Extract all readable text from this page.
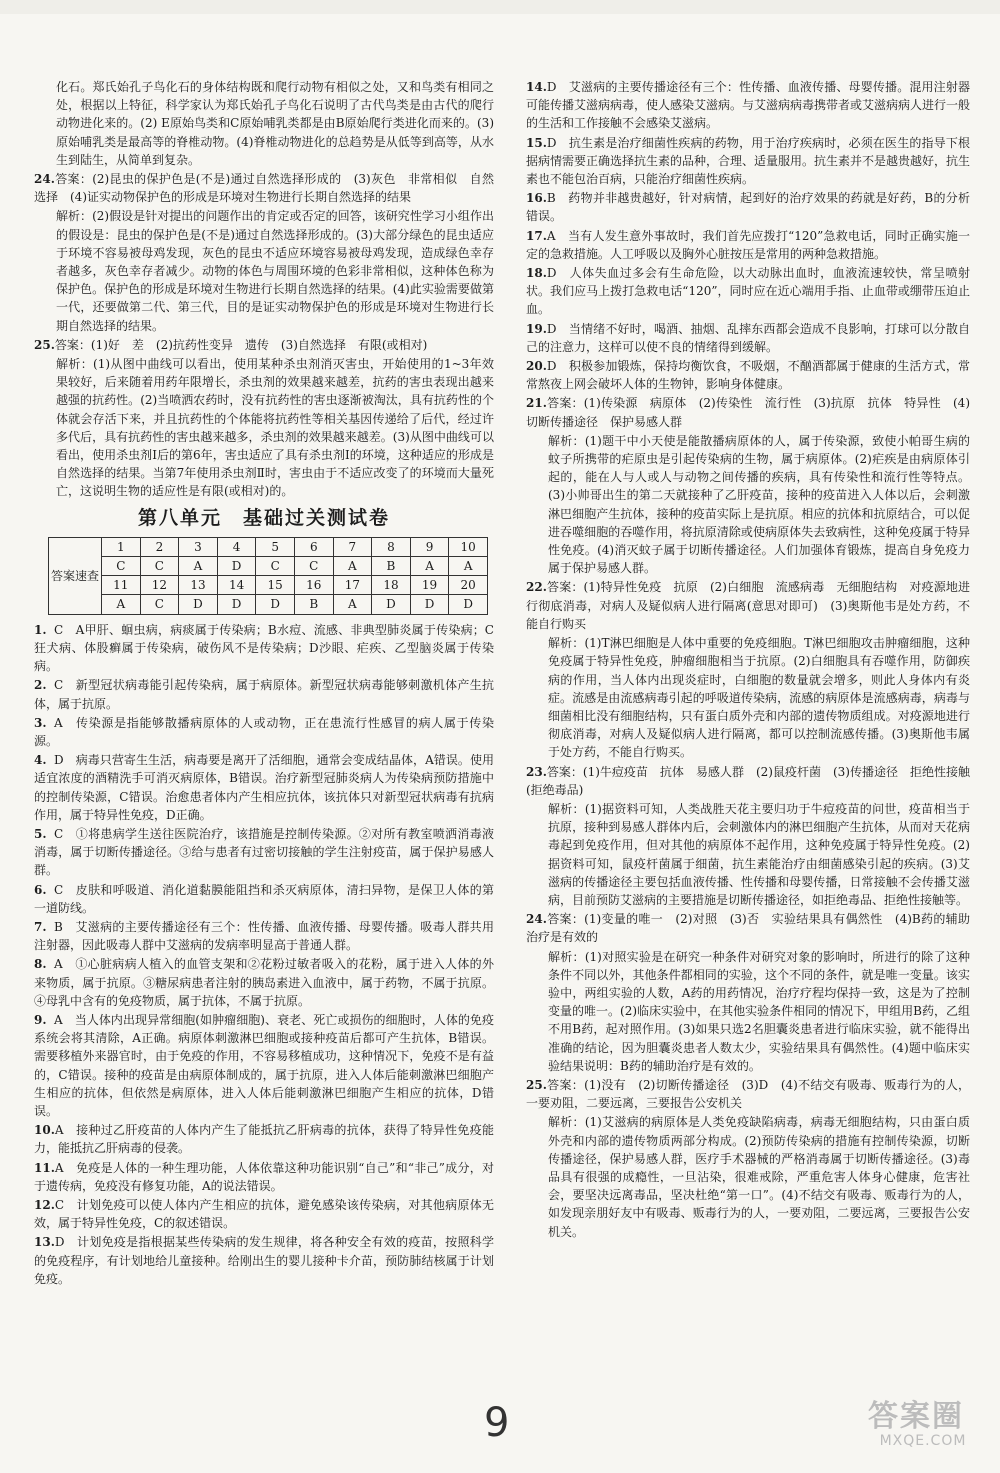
化石。郑氏始孔子鸟化石的身体结构既和爬行动物有相似之处，又和鸟类有相同之处，根据以上特征，科学家认为郑氏始孔子鸟化石说明了古代鸟类是由古代的爬行动物进化来的。(2) E原始鸟类和C原始哺乳类都是由B原始爬行类进化而来的。(3)原始哺乳类是最高等的脊椎动物。(4)脊椎动物进化的总趋势是从低等到高等，从水生到陆生，从简单到复杂。
24.答案：(2)昆虫的保护色是(不是)通过自然选择形成的　(3)灰色　非常相似　自然选择　(4)证实动物保护色的形成是环境对生物进行长期自然选择的结果
解析：(2)假设是针对提出的问题作出的肯定或否定的回答，该研究性学习小组作出的假设是：昆虫的保护色是(不是)通过自然选择形成的。(3)大部分绿色的昆虫适应于环境不容易被母鸡发现，灰色的昆虫不适应环境容易被母鸡发现，造成绿色幸存者越多，灰色幸存者减少。动物的体色与周围环境的色彩非常相似，这种体色称为保护色。保护色的形成是环境对生物进行长期自然选择的结果。(4)此实验需要做第一代，还要做第二代、第三代，目的是证实动物保护色的形成是环境对生物进行长期自然选择的结果。
25.答案：(1)好　差　(2)抗药性变异　遗传　(3)自然选择　有限(或相对)
解析：(1)从图中曲线可以看出，使用某种杀虫剂消灭害虫，开始使用的1~3年效果较好，后来随着用药年限增长，杀虫剂的效果越来越差，抗药的害虫表现出越来越强的抗药性。(2)当喷洒农药时，没有抗药性的害虫逐渐被淘汰，具有抗药性的个体就会存活下来，并且抗药性的个体能将抗药性等相关基因传递给了后代，经过许多代后，具有抗药性的害虫越来越多，杀虫剂的效果越来越差。(3)从图中曲线可以看出，使用杀虫剂Ⅰ后的第6年，害虫适应了具有杀虫剂Ⅰ的环境，这种适应的形成是自然选择的结果。当第7年使用杀虫剂Ⅱ时，害虫由于不适应改变了的环境而大量死亡，这说明生物的适应性是有限(或相对)的。
第八单元　基础过关测试卷
答案速查	1	2	3	4	5	6	7	8	9	10
	C	C	A	D	C	C	A	B	A	A
	11	12	13	14	15	16	17	18	19	20
	A	C	D	D	D	B	A	D	D	D
1. C　A甲肝、蛔虫病，病痰属于传染病；B水痘、流感、非典型肺炎属于传染病；C狂犬病、体股癣属于传染病，破伤风不是传染病；D沙眼、疟疾、乙型脑炎属于传染病。
2. C　新型冠状病毒能引起传染病，属于病原体。新型冠状病毒能够刺激机体产生抗体，属于抗原。
3. A　传染源是指能够散播病原体的人或动物，正在患流行性感冒的病人属于传染源。
4. D　病毒只营寄生生活，病毒要是离开了活细胞，通常会变成结晶体，A错误。使用适宜浓度的酒精洗手可消灭病原体，B错误。治疗新型冠肺炎病人为传染病预防措施中的控制传染源，C错误。治愈患者体内产生相应抗体，该抗体只对新型冠状病毒有抗病作用，属于特异性免疫，D正确。
5. C　①将患病学生送往医院治疗，该措施是控制传染源。②对所有教室喷洒消毒液消毒，属于切断传播途径。③给与患者有过密切接触的学生注射疫苗，属于保护易感人群。
6. C　皮肤和呼吸道、消化道黏膜能阻挡和杀灭病原体，清扫异物，是保卫人体的第一道防线。
7. B　艾滋病的主要传播途径有三个：性传播、血液传播、母婴传播。吸毒人群共用注射器，因此吸毒人群中艾滋病的发病率明显高于普通人群。
8. A　①心脏病病人植入的血管支架和②花粉过敏者吸入的花粉，属于进入人体的外来物质，属于抗原。③糖尿病患者注射的胰岛素进入血液中，属于药物，不属于抗原。④母乳中含有的免疫物质，属于抗体，不属于抗原。
9. A　当人体内出现异常细胞(如肿瘤细胞)、衰老、死亡或损伤的细胞时，人体的免疫系统会将其清除，A正确。病原体刺激淋巴细胞或接种疫苗后都可产生抗体，B错误。需要移植外来器官时，由于免疫的作用，不容易移植成功，这种情况下，免疫不是有益的，C错误。接种的疫苗是由病原体制成的，属于抗原，进入人体后能刺激淋巴细胞产生相应的抗体，但依然是病原体，进入人体后能刺激淋巴细胞产生相应的抗体，D错误。
10.A　接种过乙肝疫苗的人体内产生了能抵抗乙肝病毒的抗体，获得了特异性免疫能力，能抵抗乙肝病毒的侵袭。
11.A　免疫是人体的一种生理功能，人体依靠这种功能识别“自己”和“非己”成分，对于遗传病，免疫没有修复功能，A的说法错误。
12.C　计划免疫可以使人体内产生相应的抗体，避免感染该传染病，对其他病原体无效，属于特异性免疫，C的叙述错误。
13.D　计划免疫是指根据某些传染病的发生规律，将各种安全有效的疫苗，按照科学的免疫程序，有计划地给儿童接种。给刚出生的婴儿接种卡介苗，预防肺结核属于计划免疫。
14.D　艾滋病的主要传播途径有三个：性传播、血液传播、母婴传播。混用注射器可能传播艾滋病病毒，使人感染艾滋病。与艾滋病病毒携带者或艾滋病病人进行一般的生活和工作接触不会感染艾滋病。
15.D　抗生素是治疗细菌性疾病的药物，用于治疗疾病时，必须在医生的指导下根据病情需要正确选择抗生素的品种，合理、适量服用。抗生素并不是越贵越好，抗生素也不能包治百病，只能治疗细菌性疾病。
16.B　药物并非越贵越好，针对病情，起到好的治疗效果的药就是好药，B的分析错误。
17.A　当有人发生意外事故时，我们首先应拨打“120”急救电话，同时正确实施一定的急救措施。人工呼吸以及胸外心脏按压是常用的两种急救措施。
18.D　人体失血过多会有生命危险，以大动脉出血时，血液流速较快，常呈喷射状。我们应马上拨打急救电话“120”，同时应在近心端用手指、止血带或绷带压迫止血。
19.D　当情绪不好时，喝酒、抽烟、乱摔东西都会造成不良影响，打球可以分散自己的注意力，这样可以使不良的情绪得到缓解。
20.D　积极参加锻炼，保持均衡饮食，不吸烟，不酗酒都属于健康的生活方式，常常熬夜上网会破坏人体的生物钟，影响身体健康。
21.答案：(1)传染源　病原体　(2)传染性　流行性　(3)抗原　抗体　特异性　(4)切断传播途径　保护易感人群
解析：(1)题干中小天使是能散播病原体的人，属于传染源，致使小帕哥生病的蚊子所携带的疟原虫是引起传染病的生物，属于病原体。(2)疟疾是由病原体引起的，能在人与人或人与动物之间传播的疾病，具有传染性和流行性等特点。(3)小帅哥出生的第二天就接种了乙肝疫苗，接种的疫苗进入人体以后，会刺激淋巴细胞产生抗体，接种的疫苗实际上是抗原。相应的抗体和抗原结合，可以促进吞噬细胞的吞噬作用，将抗原清除或使病原体失去致病性，这种免疫属于特异性免疫。(4)消灭蚊子属于切断传播途径。人们加强体育锻炼，提高自身免疫力属于保护易感人群。
22.答案：(1)特异性免疫　抗原　(2)白细胞　流感病毒　无细胞结构　对疫源地进行彻底消毒，对病人及疑似病人进行隔离(意思对即可)　(3)奥斯他韦是处方药，不能自行购买
解析：(1)T淋巴细胞是人体中重要的免疫细胞。T淋巴细胞攻击肿瘤细胞，这种免疫属于特异性免疫，肿瘤细胞相当于抗原。(2)白细胞具有吞噬作用，防御疾病的作用，当人体内出现炎症时，白细胞的数量就会增多，则此人身体内有炎症。流感是由流感病毒引起的呼吸道传染病，流感的病原体是流感病毒，病毒与细菌相比没有细胞结构，只有蛋白质外壳和内部的遗传物质组成。对疫源地进行彻底消毒，对病人及疑似病人进行隔离，都可以控制流感传播。(3)奥斯他韦属于处方药，不能自行购买。
23.答案：(1)牛痘疫苗　抗体　易感人群　(2)鼠疫杆菌　(3)传播途径　拒绝性接触(拒绝毒品)
解析：(1)据资料可知，人类战胜天花主要归功于牛痘疫苗的问世，疫苗相当于抗原，接种到易感人群体内后，会刺激体内的淋巴细胞产生抗体，从而对天花病毒起到免疫作用，但对其他的病原体不起作用，这种免疫属于特异性免疫。(2)据资料可知，鼠疫杆菌属于细菌，抗生素能治疗由细菌感染引起的疾病。(3)艾滋病的传播途径主要包括血液传播、性传播和母婴传播，日常接触不会传播艾滋病，目前预防艾滋病的主要措施是切断传播途径，如拒绝毒品、拒绝性接触等。
24.答案：(1)变量的唯一　(2)对照　(3)否　实验结果具有偶然性　(4)B药的辅助治疗是有效的
解析：(1)对照实验是在研究一种条件对研究对象的影响时，所进行的除了这种条件不同以外，其他条件都相同的实验，这个不同的条件，就是唯一变量。该实验中，两组实验的人数，A药的用药情况，治疗疗程均保持一致，这是为了控制变量的唯一。(2)临床实验中，在其他实验条件相同的情况下，甲组用B药，乙组不用B药，起对照作用。(3)如果只选2名胆囊炎患者进行临床实验，就不能得出准确的结论，因为胆囊炎患者人数太少，实验结果具有偶然性。(4)题中临床实验结果说明：B药的辅助治疗是有效的。
25.答案：(1)没有　(2)切断传播途径　(3)D　(4)不结交有吸毒、贩毒行为的人，一要劝阻，二要远离，三要报告公安机关
解析：(1)艾滋病的病原体是人类免疫缺陷病毒，病毒无细胞结构，只由蛋白质外壳和内部的遗传物质两部分构成。(2)预防传染病的措施有控制传染源，切断传播途径，保护易感人群，医疗手术器械的严格消毒属于切断传播途径。(3)毒品具有很强的成瘾性，一旦沾染，很难戒除，严重危害人体身心健康，危害社会，要坚决远离毒品，坚决杜绝“第一口”。(4)不结交有吸毒、贩毒行为的人，如发现亲朋好友中有吸毒、贩毒行为的人，一要劝阻，二要远离，三要报告公安机关。
9	答案圈
MXQE.COM
